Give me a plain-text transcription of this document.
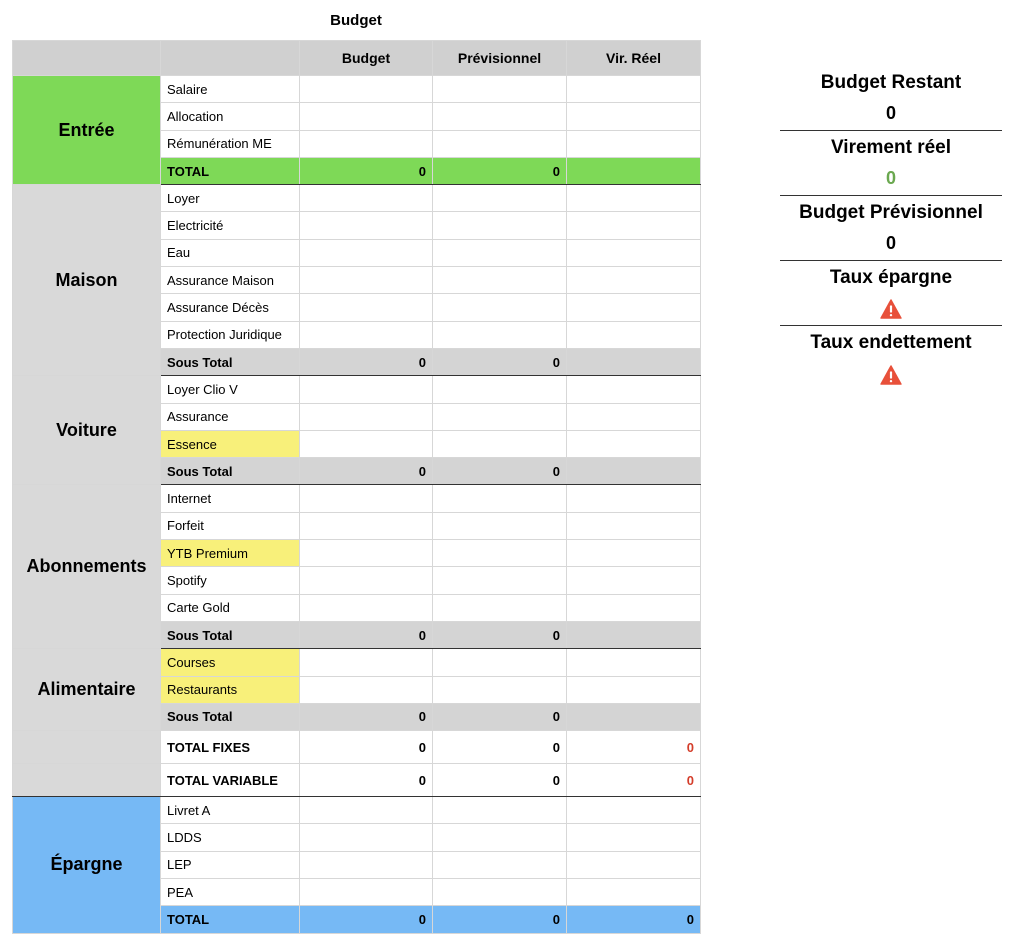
Budget
		Budget	Prévisionnel	Vir. Réel
Entrée	Salaire			
	Allocation			
	Rémunération ME			
	TOTAL	0	0	
Maison	Loyer			
	Electricité			
	Eau			
	Assurance Maison			
	Assurance Décès			
	Protection Juridique			
	Sous Total	0	0	
Voiture	Loyer Clio V			
	Assurance			
	Essence			
	Sous Total	0	0	
Abonnements	Internet			
	Forfeit			
	YTB Premium			
	Spotify			
	Carte Gold			
	Sous Total	0	0	
Alimentaire	Courses			
	Restaurants			
	Sous Total	0	0	
	TOTAL FIXES	0	0	0
	TOTAL VARIABLE	0	0	0
Épargne	Livret A			
	LDDS			
	LEP			
	PEA			
	TOTAL	0	0	0
Budget Restant
0
Virement réel
0
Budget Prévisionnel
0
Taux épargne
Taux endettement
